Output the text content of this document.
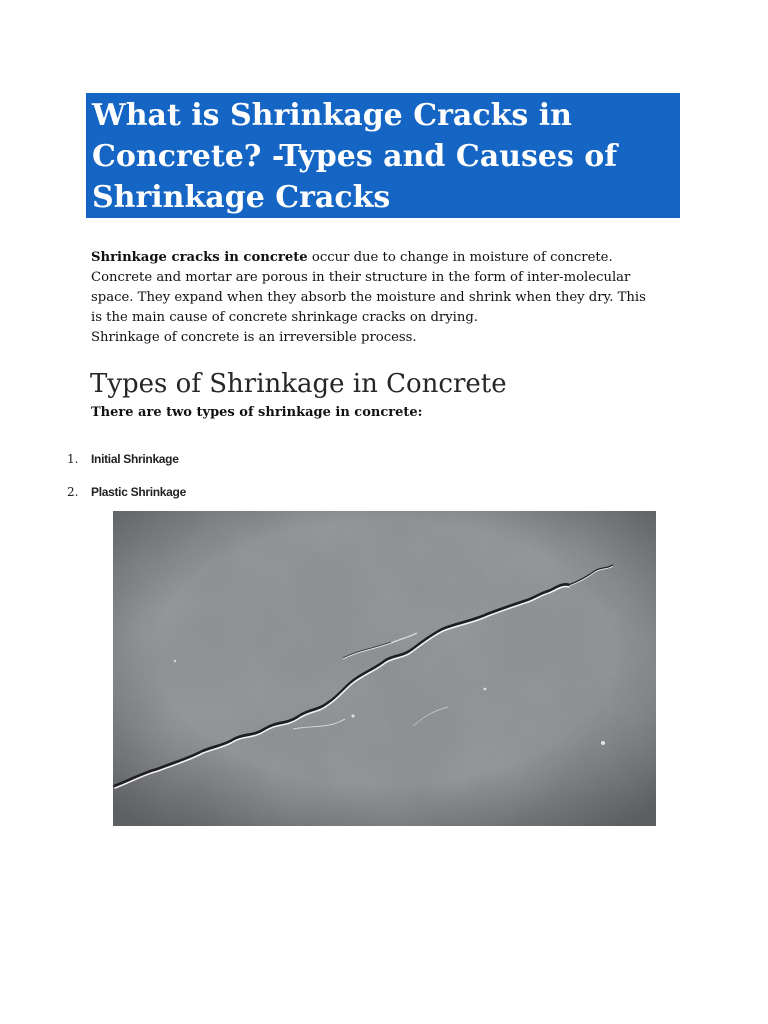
What is Shrinkage Cracks in
Concrete? -Types and Causes of
Shrinkage Cracks
Shrinkage cracks in concrete occur due to change in moisture of concrete.
Concrete and mortar are porous in their structure in the form of inter-molecular
space. They expand when they absorb the moisture and shrink when they dry. This
is the main cause of concrete shrinkage cracks on drying.
Shrinkage of concrete is an irreversible process.
Types of Shrinkage in Concrete
There are two types of shrinkage in concrete:
1. Initial Shrinkage
2. Plastic Shrinkage
